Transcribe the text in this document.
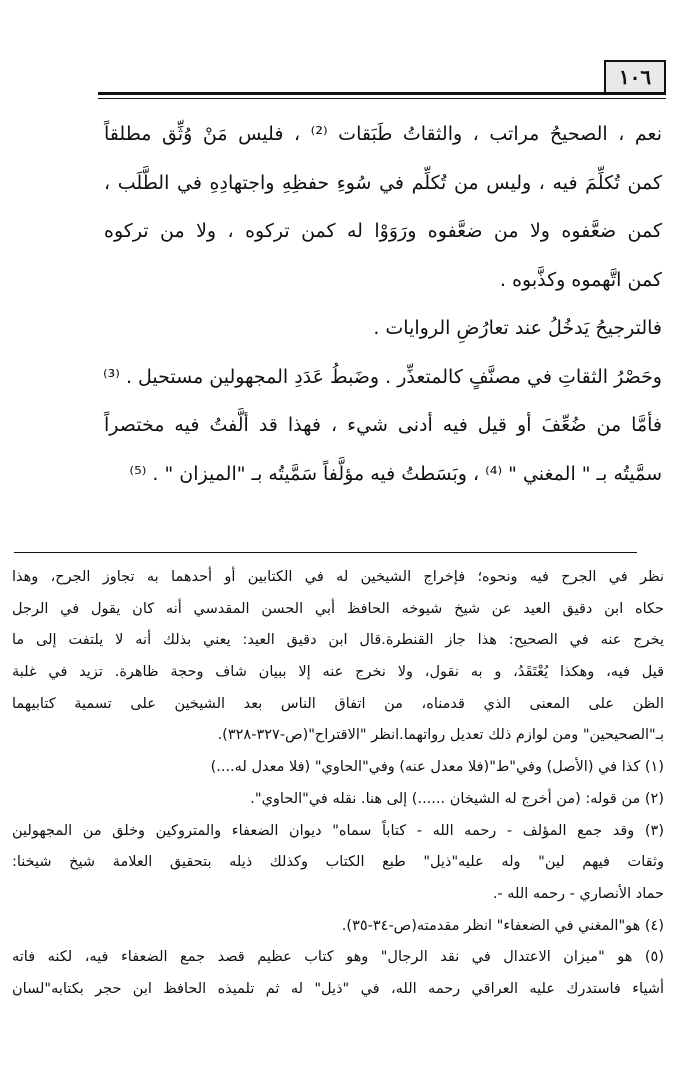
١٠٦
نعم ، الصحيحُ مراتب ، والثقاتُ طَبَقات ⁽²⁾ ، فليس مَنْ وُثِّق مطلقاً
كمن تُكلِّمَ فيه ، وليس من تُكلِّم في سُوءِ حفظِهِ واجتهادِهِ في الطَّلَب ،
كمن ضعَّفوه ولا من ضعَّفوه ورَوَوْا له كمن تركوه ، ولا من تركوه
كمن اتَّهموه وكذَّبوه .
فالترجيحُ يَدخُلُ عند تعارُضِ الروايات .
وحَصْرُ الثقاتِ في مصنَّفٍ كالمتعذِّر . وضَبطُ عَدَدِ المجهولين مستحيل . ⁽³⁾
فأمَّا من ضُعِّفَ أو قيل فيه أدنى شيء ، فهذا قد ألَّفتُ فيه مختصراً
سمَّيتُه بـ " المغني " ⁽⁴⁾ ، وبَسَطتُ فيه مؤلَّفاً سَمَّيتُه بـ "الميزان " . ⁽⁵⁾
نظر في الجرح فيه ونحوه؛ فإخراج الشيخين له في الكتابين أو أحدهما به تجاوز الجرح، وهذا
حكاه ابن دقيق العيد عن شيخ شيوخه الحافظ أبي الحسن المقدسي أنه كان يقول في الرجل
يخرج عنه في الصحيح: هذا جاز القنطرة.قال ابن دقيق العيد: يعني بذلك أنه لا يلتفت إلى ما
قيل فيه، وهكذا يُعْتَقَدُ، و به نقول، ولا نخرج عنه إلا ببيان شاف وحجة ظاهرة. تزيد في غلبة
الظن على المعنى الذي قدمناه، من اتفاق الناس بعد الشيخين على تسمية كتابيهما
بـ"الصحيحين" ومن لوازم ذلك تعديل رواتهما.انظر "الاقتراح"(ص-٣٢٧-٣٢٨).
(١) كذا في (الأصل) وفي"ط"(فلا معدل عنه) وفي"الحاوي" (فلا معدل له....)
(٢) من قوله: (من أخرج له الشيخان ......) إلى هنا. نقله في"الحاوي".
(٣) وقد جمع المؤلف - رحمه الله - كتاباً سماه" ديوان الضعفاء والمتروكين وخلق من المجهولين
وثقات فيهم لين" وله عليه"ذيل" طبع الكتاب وكذلك ذيله بتحقيق العلامة شيخ شيخنا:
حماد الأنصاري - رحمه الله -.
(٤) هو"المغني في الضعفاء" انظر مقدمته(ص-٣٤-٣٥).
(٥) هو "ميزان الاعتدال في نقد الرجال" وهو كتاب عظيم قصد جمع الضعفاء فيه، لكنه فاته
أشياء فاستدرك عليه العراقي رحمه الله، في "ذيل" له ثم تلميذه الحافظ ابن حجر بكتابه"لسان
